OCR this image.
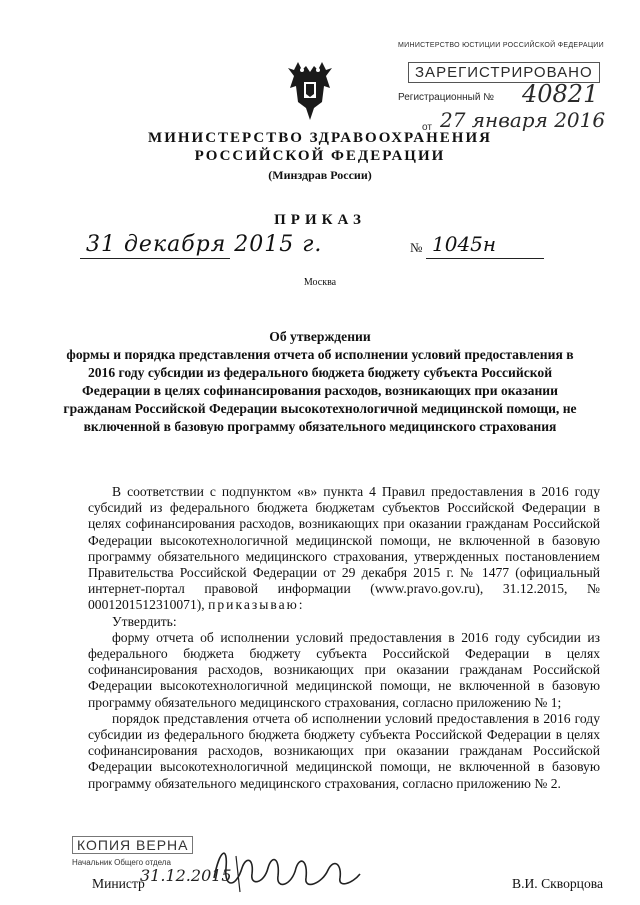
МИНИСТЕРСТВО ЮСТИЦИИ РОССИЙСКОЙ ФЕДЕРАЦИИ
ЗАРЕГИСТРИРОВАНО
Регистрационный № 40821
от 27 января 2016
МИНИСТЕРСТВО ЗДРАВООХРАНЕНИЯ
РОССИЙСКОЙ ФЕДЕРАЦИИ
(Минздрав России)
ПРИКАЗ
31 декабря 2015 г.	№ 1045н
Москва
Об утверждении
формы и порядка представления отчета об исполнении условий предоставления в 2016 году субсидии из федерального бюджета бюджету субъекта Российской Федерации в целях софинансирования расходов, возникающих при оказании гражданам Российской Федерации высокотехнологичной медицинской помощи, не включенной в базовую программу обязательного медицинского страхования

В соответствии с подпунктом «в» пункта 4 Правил предоставления в 2016 году субсидий из федерального бюджета бюджетам субъектов Российской Федерации в целях софинансирования расходов, возникающих при оказании гражданам Российской Федерации высокотехнологичной медицинской помощи, не включенной в базовую программу обязательного медицинского страхования, утвержденных постановлением Правительства Российской Федерации от 29 декабря 2015 г. № 1477 (официальный интернет-портал правовой информации (www.pravo.gov.ru), 31.12.2015, № 0001201512310071), приказываю:

Утвердить:

форму отчета об исполнении условий предоставления в 2016 году субсидии из федерального бюджета бюджету субъекта Российской Федерации в целях софинансирования расходов, возникающих при оказании гражданам Российской Федерации высокотехнологичной медицинской помощи, не включенной в базовую программу обязательного медицинского страхования, согласно приложению № 1;

порядок представления отчета об исполнении условий предоставления в 2016 году субсидии из федерального бюджета бюджету субъекта Российской Федерации в целях софинансирования расходов, возникающих при оказании гражданам Российской Федерации высокотехнологичной медицинской помощи, не включенной в базовую программу обязательного медицинского страхования, согласно приложению № 2.

КОПИЯ ВЕРНА
Начальник Общего отдела
Министр
31.12.2015	В.И. Скворцова
